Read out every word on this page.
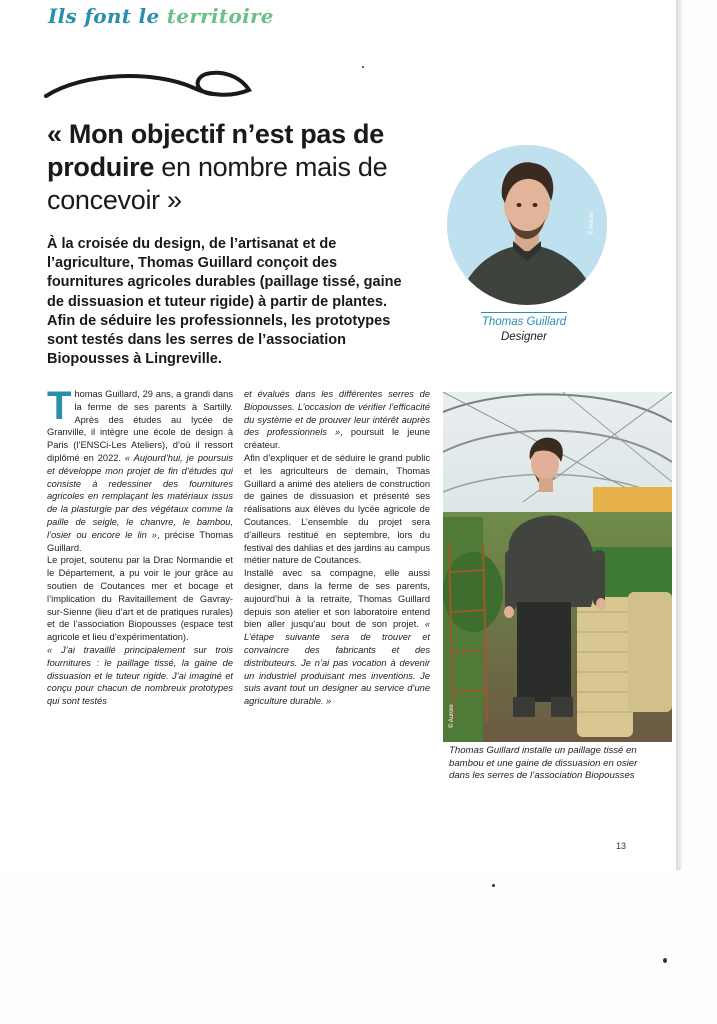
Ils font le territoire
« Mon objectif n’est pas de produire en nombre mais de concevoir »

À la croisée du design, de l’artisanat et de l’agriculture, Thomas Guillard conçoit des fournitures agricoles durables (paillage tissé, gaine de dissuasion et tuteur rigide) à partir de plantes. Afin de séduire les professionnels, les prototypes sont testés dans les serres de l’association Biopousses à Lingreville.

© Aurore
Thomas Guillard
Designer

Thomas Guillard, 29 ans, a grandi dans la ferme de ses parents à Sartilly. Après des études au lycée de Granville, il intègre une école de design à Paris (l’ENSCi-Les Ateliers), d’où il ressort diplômé en 2022. « Aujourd’hui, je poursuis et développe mon projet de fin d’études qui consiste à redessiner des fournitures agricoles en remplaçant les matériaux issus de la plasturgie par des végétaux comme la paille de seigle, le chanvre, le bambou, l’osier ou encore le lin », précise Thomas Guillard.

Le projet, soutenu par la Drac Normandie et le Département, a pu voir le jour grâce au soutien de Coutances mer et bocage et l’implication du Ravitaillement de Gavray-sur-Sienne (lieu d’art et de pratiques rurales) et de l’association Biopousses (espace test agricole et lieu d’expérimentation).

« J’ai travaillé principalement sur trois fournitures : le paillage tissé, la gaine de dissuasion et le tuteur rigide. J’ai imaginé et conçu pour chacun de nombreux prototypes qui sont testés

et évalués dans les différentes serres de Biopousses. L’occasion de vérifier l’efficacité du système et de prouver leur intérêt auprès des professionnels », poursuit le jeune créateur.

Afin d’expliquer et de séduire le grand public et les agriculteurs de demain, Thomas Guillard a animé des ateliers de construction de gaines de dissuasion et présenté ses réalisations aux élèves du lycée agricole de Coutances. L’ensemble du projet sera d’ailleurs restitué en septembre, lors du festival des dahlias et des jardins au campus métier nature de Coutances.

Installé avec sa compagne, elle aussi designer, dans la ferme de ses parents, aujourd’hui à la retraite, Thomas Guillard depuis son atelier et son laboratoire entend bien aller jusqu’au bout de son projet. « L’étape suivante sera de trouver et convaincre des fabricants et des distributeurs. Je n’ai pas vocation à devenir un industriel produisant mes inventions. Je suis avant tout un designer au service d’une agriculture durable. »

© Aurore
Thomas Guillard installe un paillage tissé en bambou et une gaine de dissuasion en osier dans les serres de l’association Biopousses
13
